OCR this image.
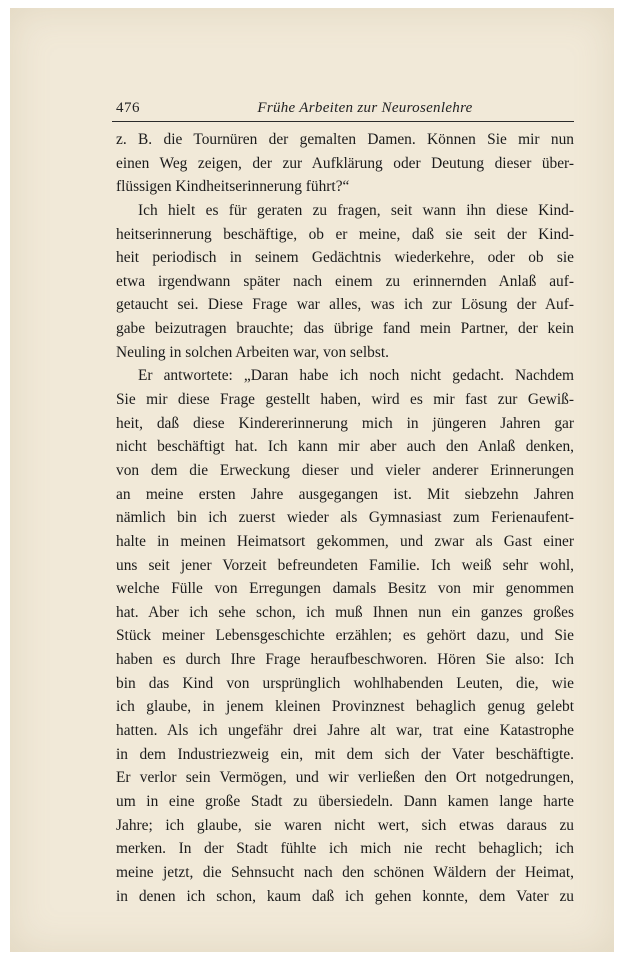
476	Frühe Arbeiten zur Neurosenlehre
z. B. die Tournüren der gemalten Damen. Können Sie mir nun
einen Weg zeigen, der zur Aufklärung oder Deutung dieser über-
flüssigen Kindheitserinnerung führt?“
Ich hielt es für geraten zu fragen, seit wann ihn diese Kind-
heitserinnerung beschäftige, ob er meine, daß sie seit der Kind-
heit periodisch in seinem Gedächtnis wiederkehre, oder ob sie
etwa irgendwann später nach einem zu erinnernden Anlaß auf-
getaucht sei. Diese Frage war alles, was ich zur Lösung der Auf-
gabe beizutragen brauchte; das übrige fand mein Partner, der kein
Neuling in solchen Arbeiten war, von selbst.
Er antwortete: „Daran habe ich noch nicht gedacht. Nachdem
Sie mir diese Frage gestellt haben, wird es mir fast zur Gewiß-
heit, daß diese Kindererinnerung mich in jüngeren Jahren gar
nicht beschäftigt hat. Ich kann mir aber auch den Anlaß denken,
von dem die Erweckung dieser und vieler anderer Erinnerungen
an meine ersten Jahre ausgegangen ist. Mit siebzehn Jahren
nämlich bin ich zuerst wieder als Gymnasiast zum Ferienaufent-
halte in meinen Heimatsort gekommen, und zwar als Gast einer
uns seit jener Vorzeit befreundeten Familie. Ich weiß sehr wohl,
welche Fülle von Erregungen damals Besitz von mir genommen
hat. Aber ich sehe schon, ich muß Ihnen nun ein ganzes großes
Stück meiner Lebensgeschichte erzählen; es gehört dazu, und Sie
haben es durch Ihre Frage heraufbeschworen. Hören Sie also: Ich
bin das Kind von ursprünglich wohlhabenden Leuten, die, wie
ich glaube, in jenem kleinen Provinznest behaglich genug gelebt
hatten. Als ich ungefähr drei Jahre alt war, trat eine Katastrophe
in dem Industriezweig ein, mit dem sich der Vater beschäftigte.
Er verlor sein Vermögen, und wir verließen den Ort notgedrungen,
um in eine große Stadt zu übersiedeln. Dann kamen lange harte
Jahre; ich glaube, sie waren nicht wert, sich etwas daraus zu
merken. In der Stadt fühlte ich mich nie recht behaglich; ich
meine jetzt, die Sehnsucht nach den schönen Wäldern der Heimat,
in denen ich schon, kaum daß ich gehen konnte, dem Vater zu
